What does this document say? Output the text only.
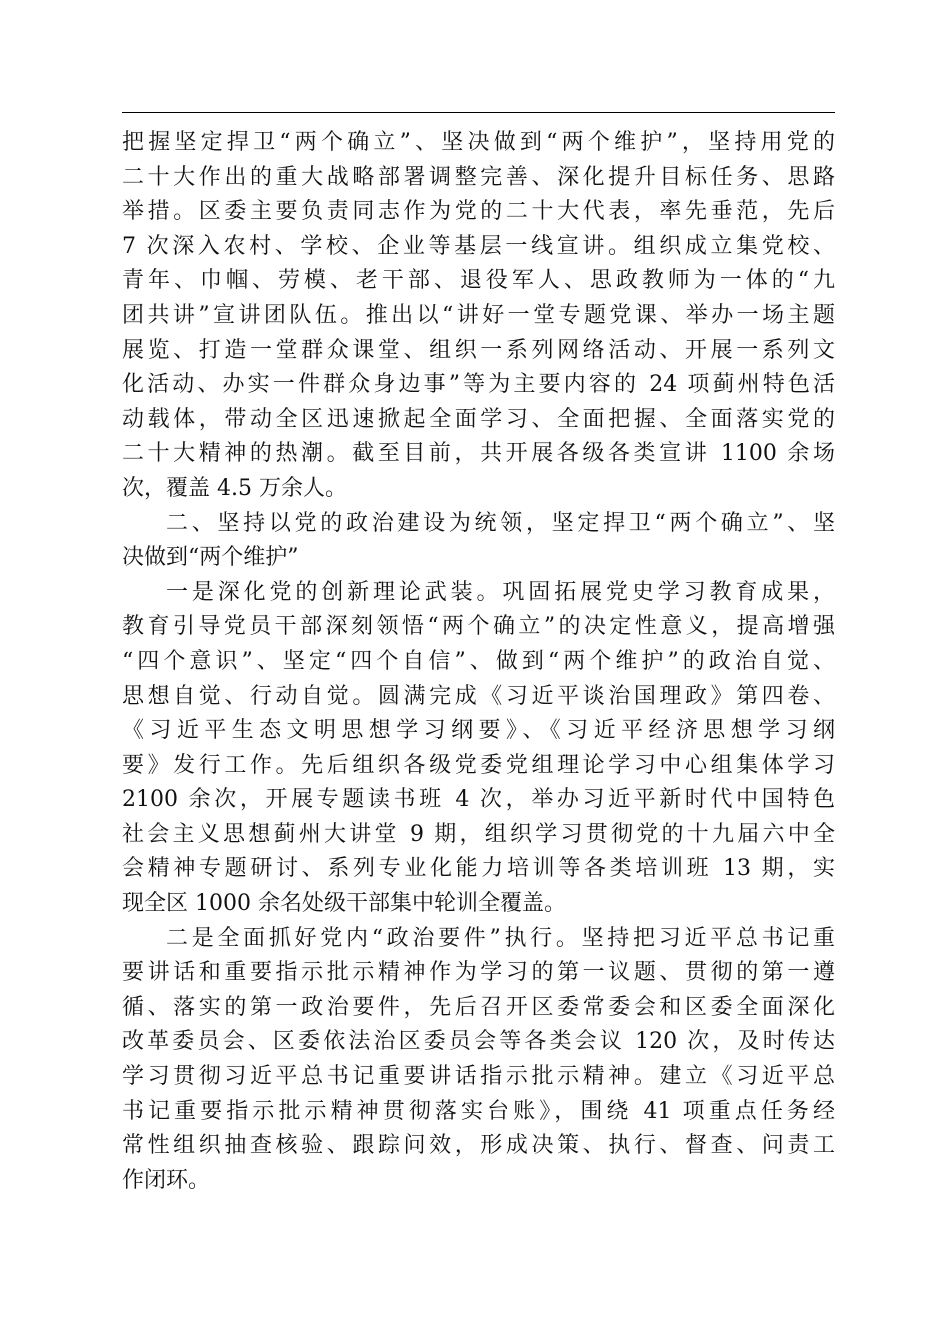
把握坚定捍卫“两个确立”、坚决做到“两个维护”，坚持用党的
二十大作出的重大战略部署调整完善、深化提升目标任务、思路
举措。区委主要负责同志作为党的二十大代表，率先垂范，先后
7 次深入农村、学校、企业等基层一线宣讲。组织成立集党校、
青年、巾帼、劳模、老干部、退役军人、思政教师为一体的“九
团共讲”宣讲团队伍。推出以“讲好一堂专题党课、举办一场主题
展览、打造一堂群众课堂、组织一系列网络活动、开展一系列文
化活动、办实一件群众身边事”等为主要内容的 24 项蓟州特色活
动载体，带动全区迅速掀起全面学习、全面把握、全面落实党的
二十大精神的热潮。截至目前，共开展各级各类宣讲 1100 余场
次，覆盖 4.5 万余人。
二、坚持以党的政治建设为统领，坚定捍卫“两个确立”、坚
决做到“两个维护”
一是深化党的创新理论武装。巩固拓展党史学习教育成果，
教育引导党员干部深刻领悟“两个确立”的决定性意义，提高增强
“四个意识”、坚定“四个自信”、做到“两个维护”的政治自觉、
思想自觉、行动自觉。圆满完成《习近平谈治国理政》第四卷、
《习近平生态文明思想学习纲要》、《习近平经济思想学习纲
要》发行工作。先后组织各级党委党组理论学习中心组集体学习
2100 余次，开展专题读书班 4 次，举办习近平新时代中国特色
社会主义思想蓟州大讲堂 9 期，组织学习贯彻党的十九届六中全
会精神专题研讨、系列专业化能力培训等各类培训班 13 期，实
现全区 1000 余名处级干部集中轮训全覆盖。
二是全面抓好党内“政治要件”执行。坚持把习近平总书记重
要讲话和重要指示批示精神作为学习的第一议题、贯彻的第一遵
循、落实的第一政治要件，先后召开区委常委会和区委全面深化
改革委员会、区委依法治区委员会等各类会议 120 次，及时传达
学习贯彻习近平总书记重要讲话指示批示精神。建立《习近平总
书记重要指示批示精神贯彻落实台账》，围绕 41 项重点任务经
常性组织抽查核验、跟踪问效，形成决策、执行、督查、问责工
作闭环。
